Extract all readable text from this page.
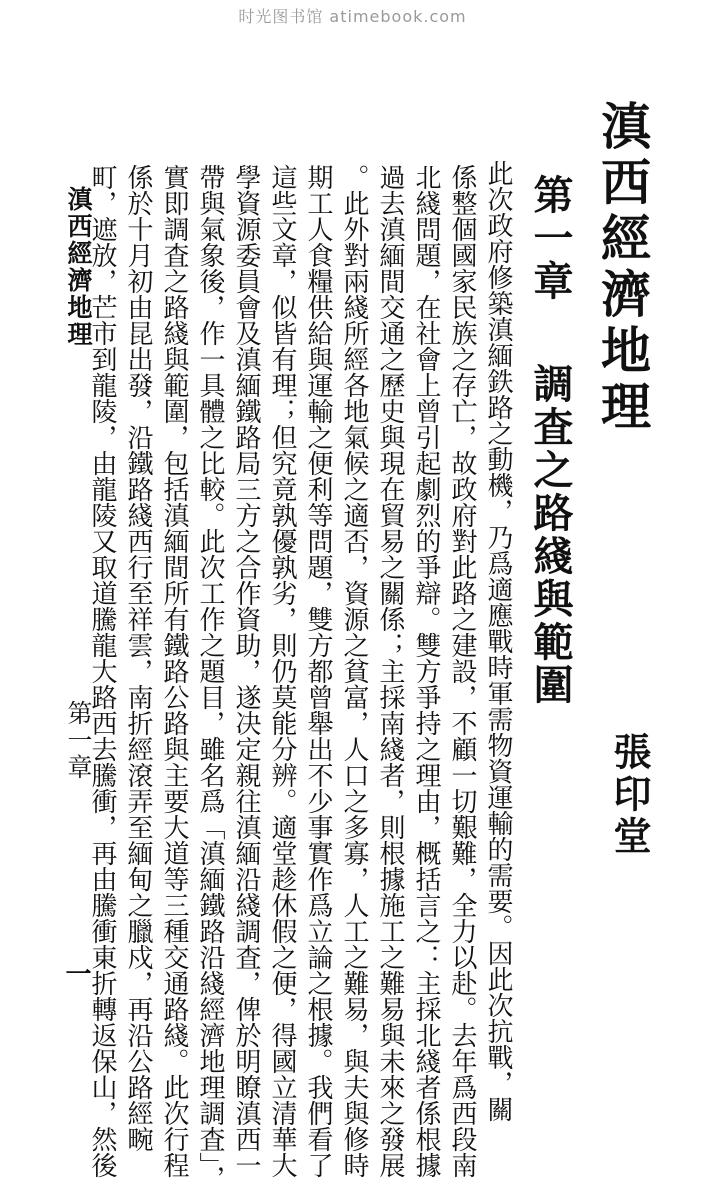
时光图书馆 atimebook.com
滇西經濟地理
張印堂
第一章調査之路綫與範圍
此次政府修築滇緬鉄路之動機，乃爲適應戰時軍需物資運輸的需要。因此次抗戰，關
係整個國家民族之存亡，故政府對此路之建設，不顧一切艱難，全力以赴。去年爲西段南
北綫問題，在社會上曾引起劇烈的爭辯。雙方爭持之理由，概括言之：主採北綫者係根據
過去滇緬間交通之歷史與現在貿易之關係；主採南綫者，則根據施工之難易與未來之發展
。此外對兩綫所經各地氣候之適否，資源之貧富，人口之多寡，人工之難易，與夫與修時
期工人食糧供給與運輸之便利等問題，雙方都曾舉出不少事實作爲立論之根據。我們看了
這些文章，似皆有理；但究竟孰優孰劣，則仍莫能分辨。適堂趁休假之便，得國立清華大
學資源委員會及滇緬鐵路局三方之合作資助，遂决定親往滇緬沿綫調査，俾於明瞭滇西一
帶與氣象後，作一具體之比較。此次工作之題目，雖名爲「滇緬鐵路沿綫經濟地理調査」，
實即調査之路綫與範圍，包括滇緬間所有鐵路公路與主要大道等三種交通路綫。此次行程
係於十月初由昆出發，沿鐵路綫西行至祥雲，南折經滾弄至緬甸之臘戍，再沿公路經畹
町，遮放，芒市到龍陵，由龍陵又取道騰龍大路西去騰衝，再由騰衝東折轉返保山，然後
滇西經濟地理
第一章
一
